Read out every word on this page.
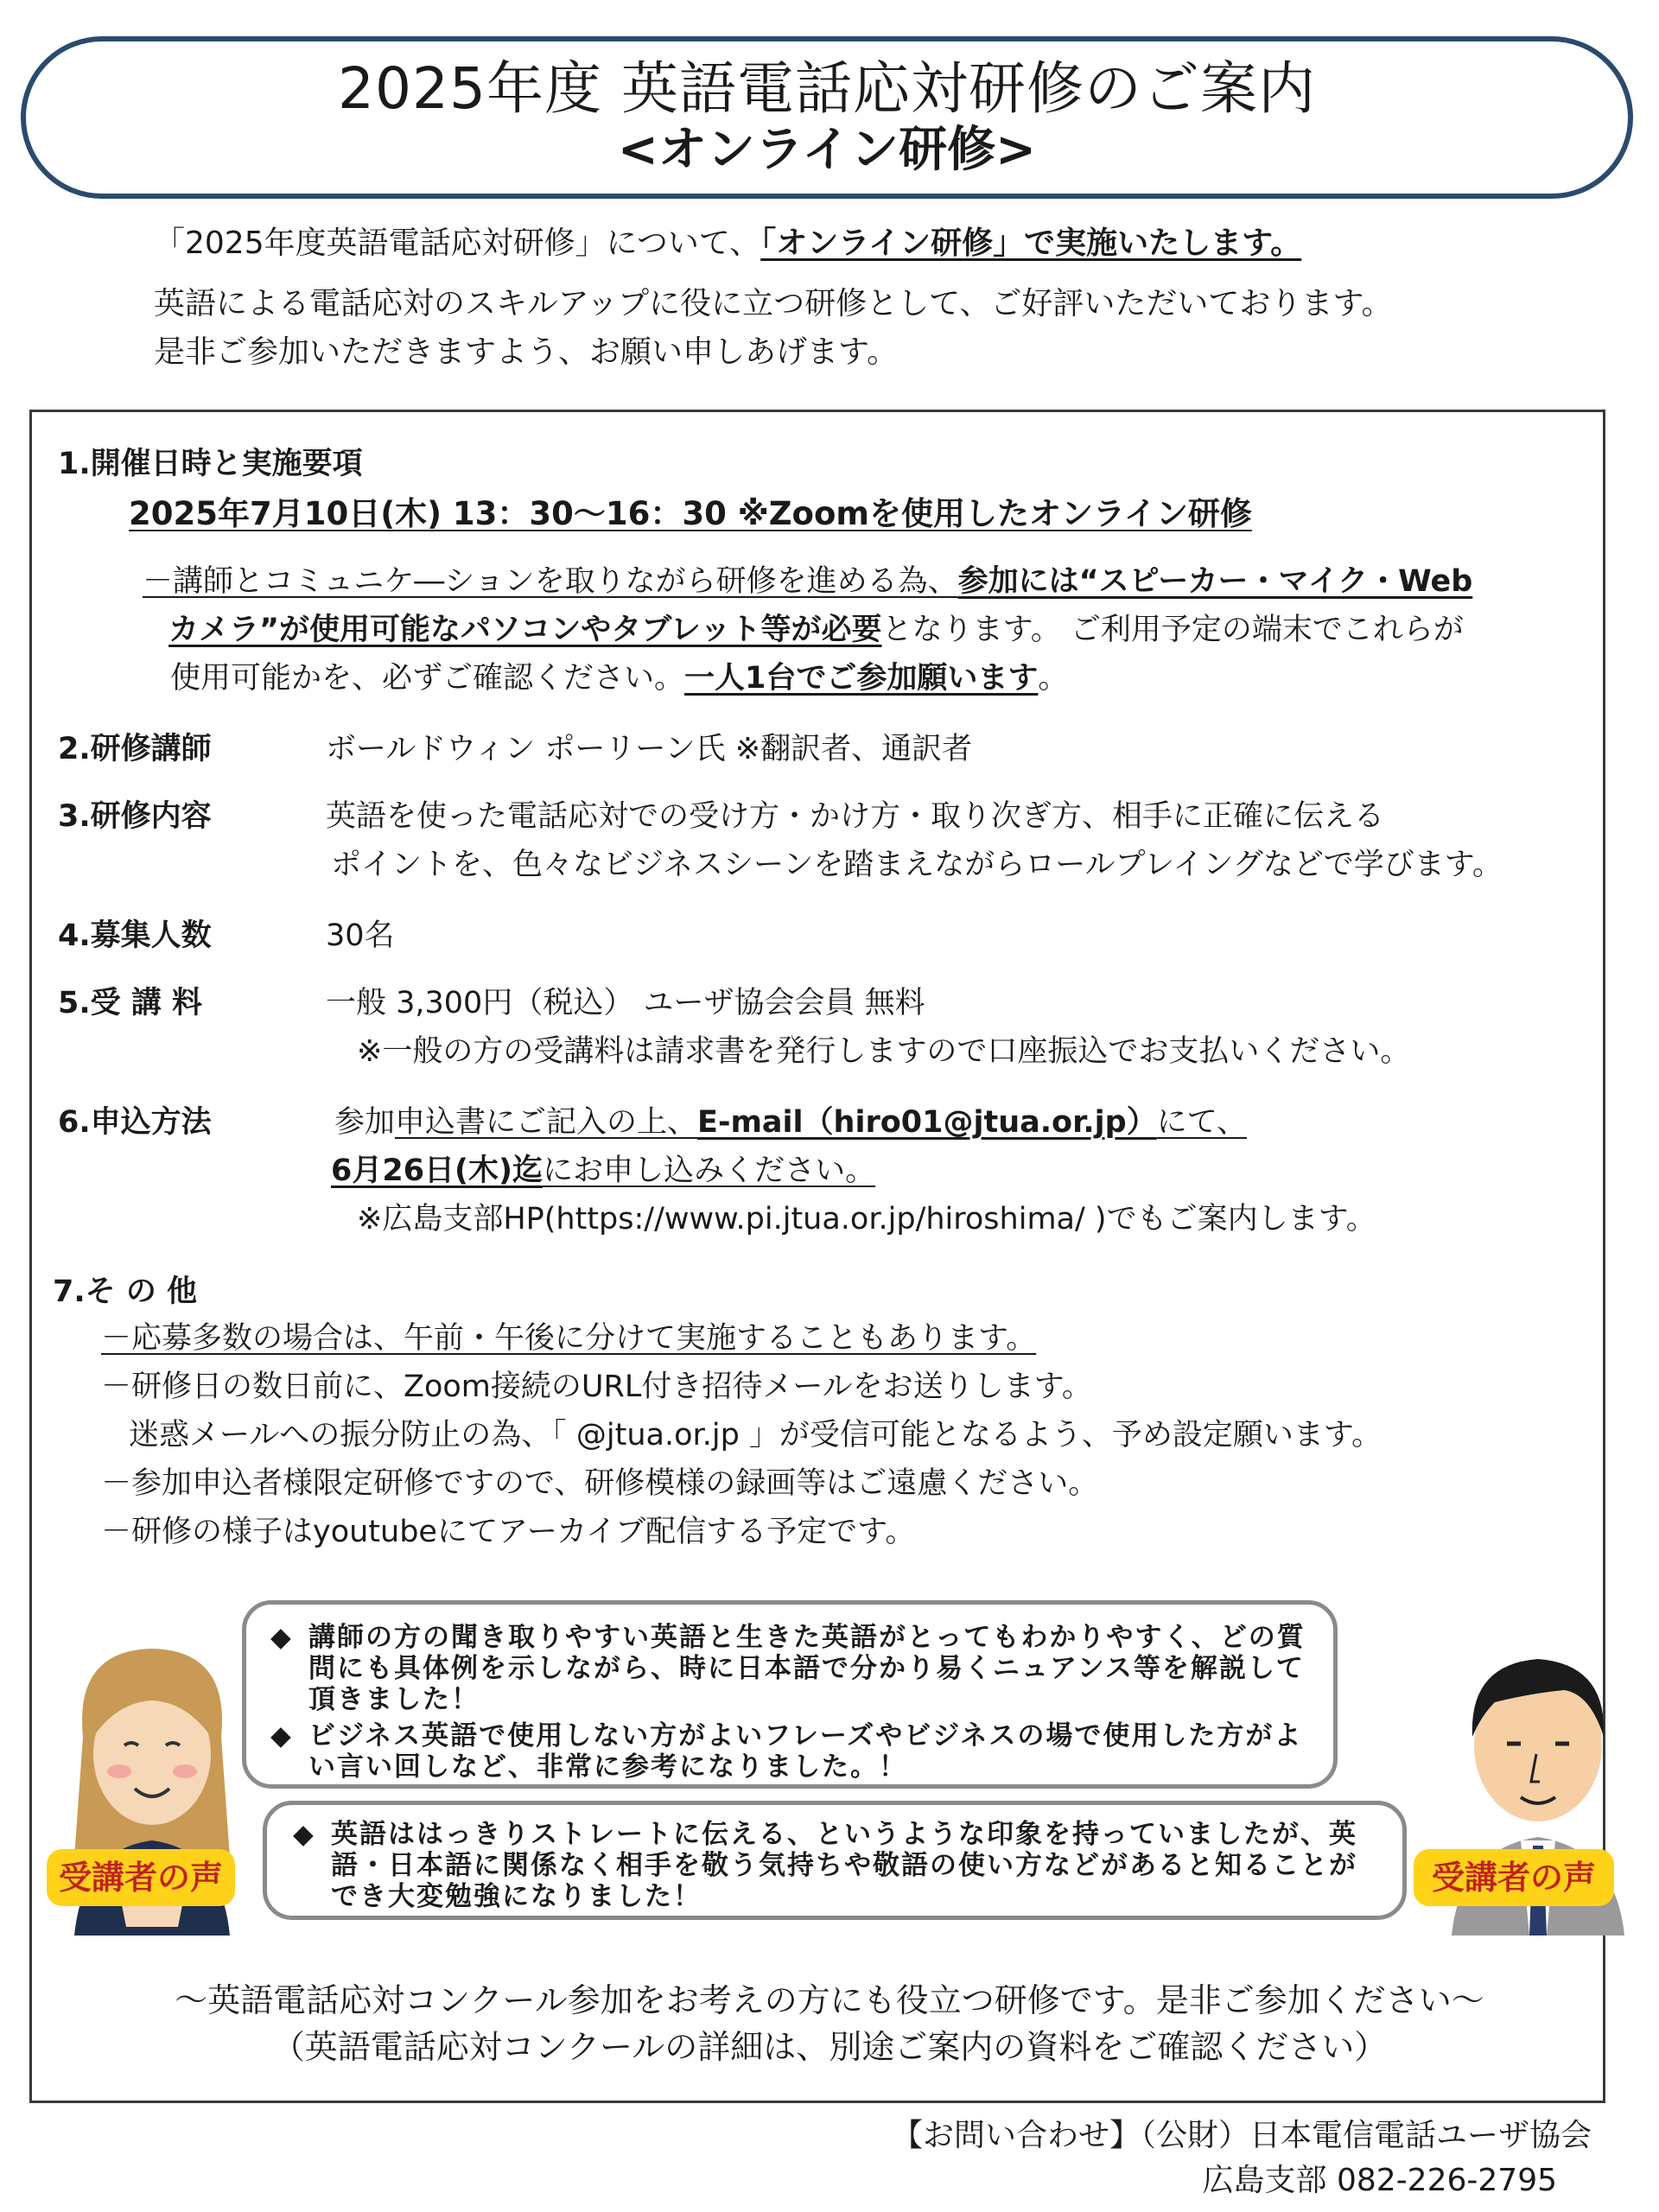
2025年度 英語電話応対研修のご案内
<オンライン研修>
「2025年度英語電話応対研修」について、「オンライン研修」で実施いたします。
英語による電話応対のスキルアップに役に立つ研修として、ご好評いただいております。
是非ご参加いただきますよう、お願い申しあげます。
1.開催日時と実施要項
2025年7月10日(木) 13：30～16：30 ※Zoomを使用したオンライン研修
－講師とコミュニケ―ションを取りながら研修を進める為、参加には“スピーカー・マイク・Web
カメラ”が使用可能なパソコンやタブレット等が必要となります。 ご利用予定の端末でこれらが
使用可能かを、必ずご確認ください。一人1台でご参加願います。
2.研修講師	ボールドウィン ポーリーン氏 ※翻訳者、通訳者
3.研修内容	英語を使った電話応対での受け方・かけ方・取り次ぎ方、相手に正確に伝える
ポイントを、色々なビジネスシーンを踏まえながらロールプレイングなどで学びます。
4.募集人数	30名
5.受 講 料	一般 3,300円（税込） ユーザ協会会員 無料
※一般の方の受講料は請求書を発行しますので口座振込でお支払いください。
6.申込方法	参加申込書にご記入の上、E-mail（hiro01@jtua.or.jp）にて、
6月26日(木)迄にお申し込みください。
※広島支部HP(https://www.pi.jtua.or.jp/hiroshima/ )でもご案内します。
7.そ の 他
－応募多数の場合は、午前・午後に分けて実施することもあります。
－研修日の数日前に、Zoom接続のURL付き招待メールをお送りします。
迷惑メールへの振分防止の為、「 @jtua.or.jp 」が受信可能となるよう、予め設定願います。
－参加申込者様限定研修ですので、研修模様の録画等はご遠慮ください。
－研修の様子はyoutubeにてアーカイブ配信する予定です。
◆ 講師の方の聞き取りやすい英語と生きた英語がとってもわかりやすく、どの質問にも具体例を示しながら、時に日本語で分かり易くニュアンス等を解説して頂きました！
◆ ビジネス英語で使用しない方がよいフレーズやビジネスの場で使用した方がよい言い回しなど、非常に参考になりました。！
◆ 英語ははっきりストレートに伝える、というような印象を持っていましたが、英語・日本語に関係なく相手を敬う気持ちや敬語の使い方などがあると知ることができ大変勉強になりました！
受講者の声	受講者の声
～英語電話応対コンクール参加をお考えの方にも役立つ研修です。是非ご参加ください～
（英語電話応対コンクールの詳細は、別途ご案内の資料をご確認ください）
【お問い合わせ】（公財）日本電信電話ユーザ協会
広島支部 082-226-2795
